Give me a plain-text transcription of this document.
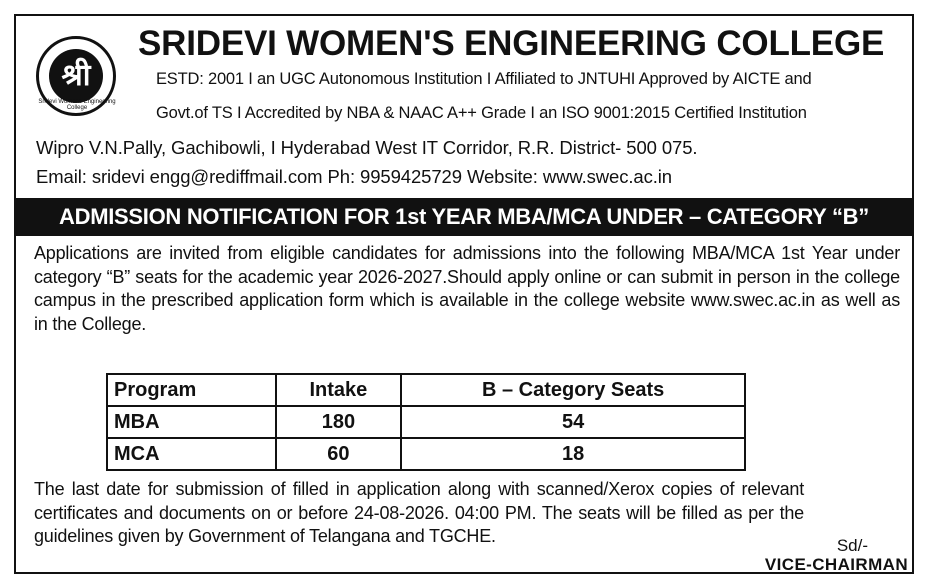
श्री
Sridevi Womens Engineering College
SRIDEVI WOMEN'S ENGINEERING COLLEGE
ESTD: 2001 I an UGC Autonomous Institution I Affiliated to JNTUHI Approved by AICTE and
Govt.of TS I Accredited by NBA & NAAC A++ Grade I an ISO 9001:2015 Certified Institution
Wipro V.N.Pally, Gachibowli, I Hyderabad West IT Corridor, R.R. District- 500 075.
Email: sridevi engg@rediffmail.com Ph: 9959425729 Website: www.swec.ac.in
ADMISSION NOTIFICATION FOR 1st YEAR MBA/MCA UNDER – CATEGORY “B”
Applications are invited from eligible candidates for admissions into the following MBA/MCA 1st Year under category “B” seats for the academic year 2026-2027.Should apply online or can submit in person in the college campus in the prescribed application form which is available in the college website www.swec.ac.in as well as in the College.
Program	Intake	B – Category Seats
MBA	180	54
MCA	60	18
The last date for submission of filled in application along with scanned/Xerox copies of relevant certificates and documents on or before 24-08-2026. 04:00 PM. The seats will be filled as per the guidelines given by Government of Telangana and TGCHE.	Sd/-
VICE-CHAIRMAN
